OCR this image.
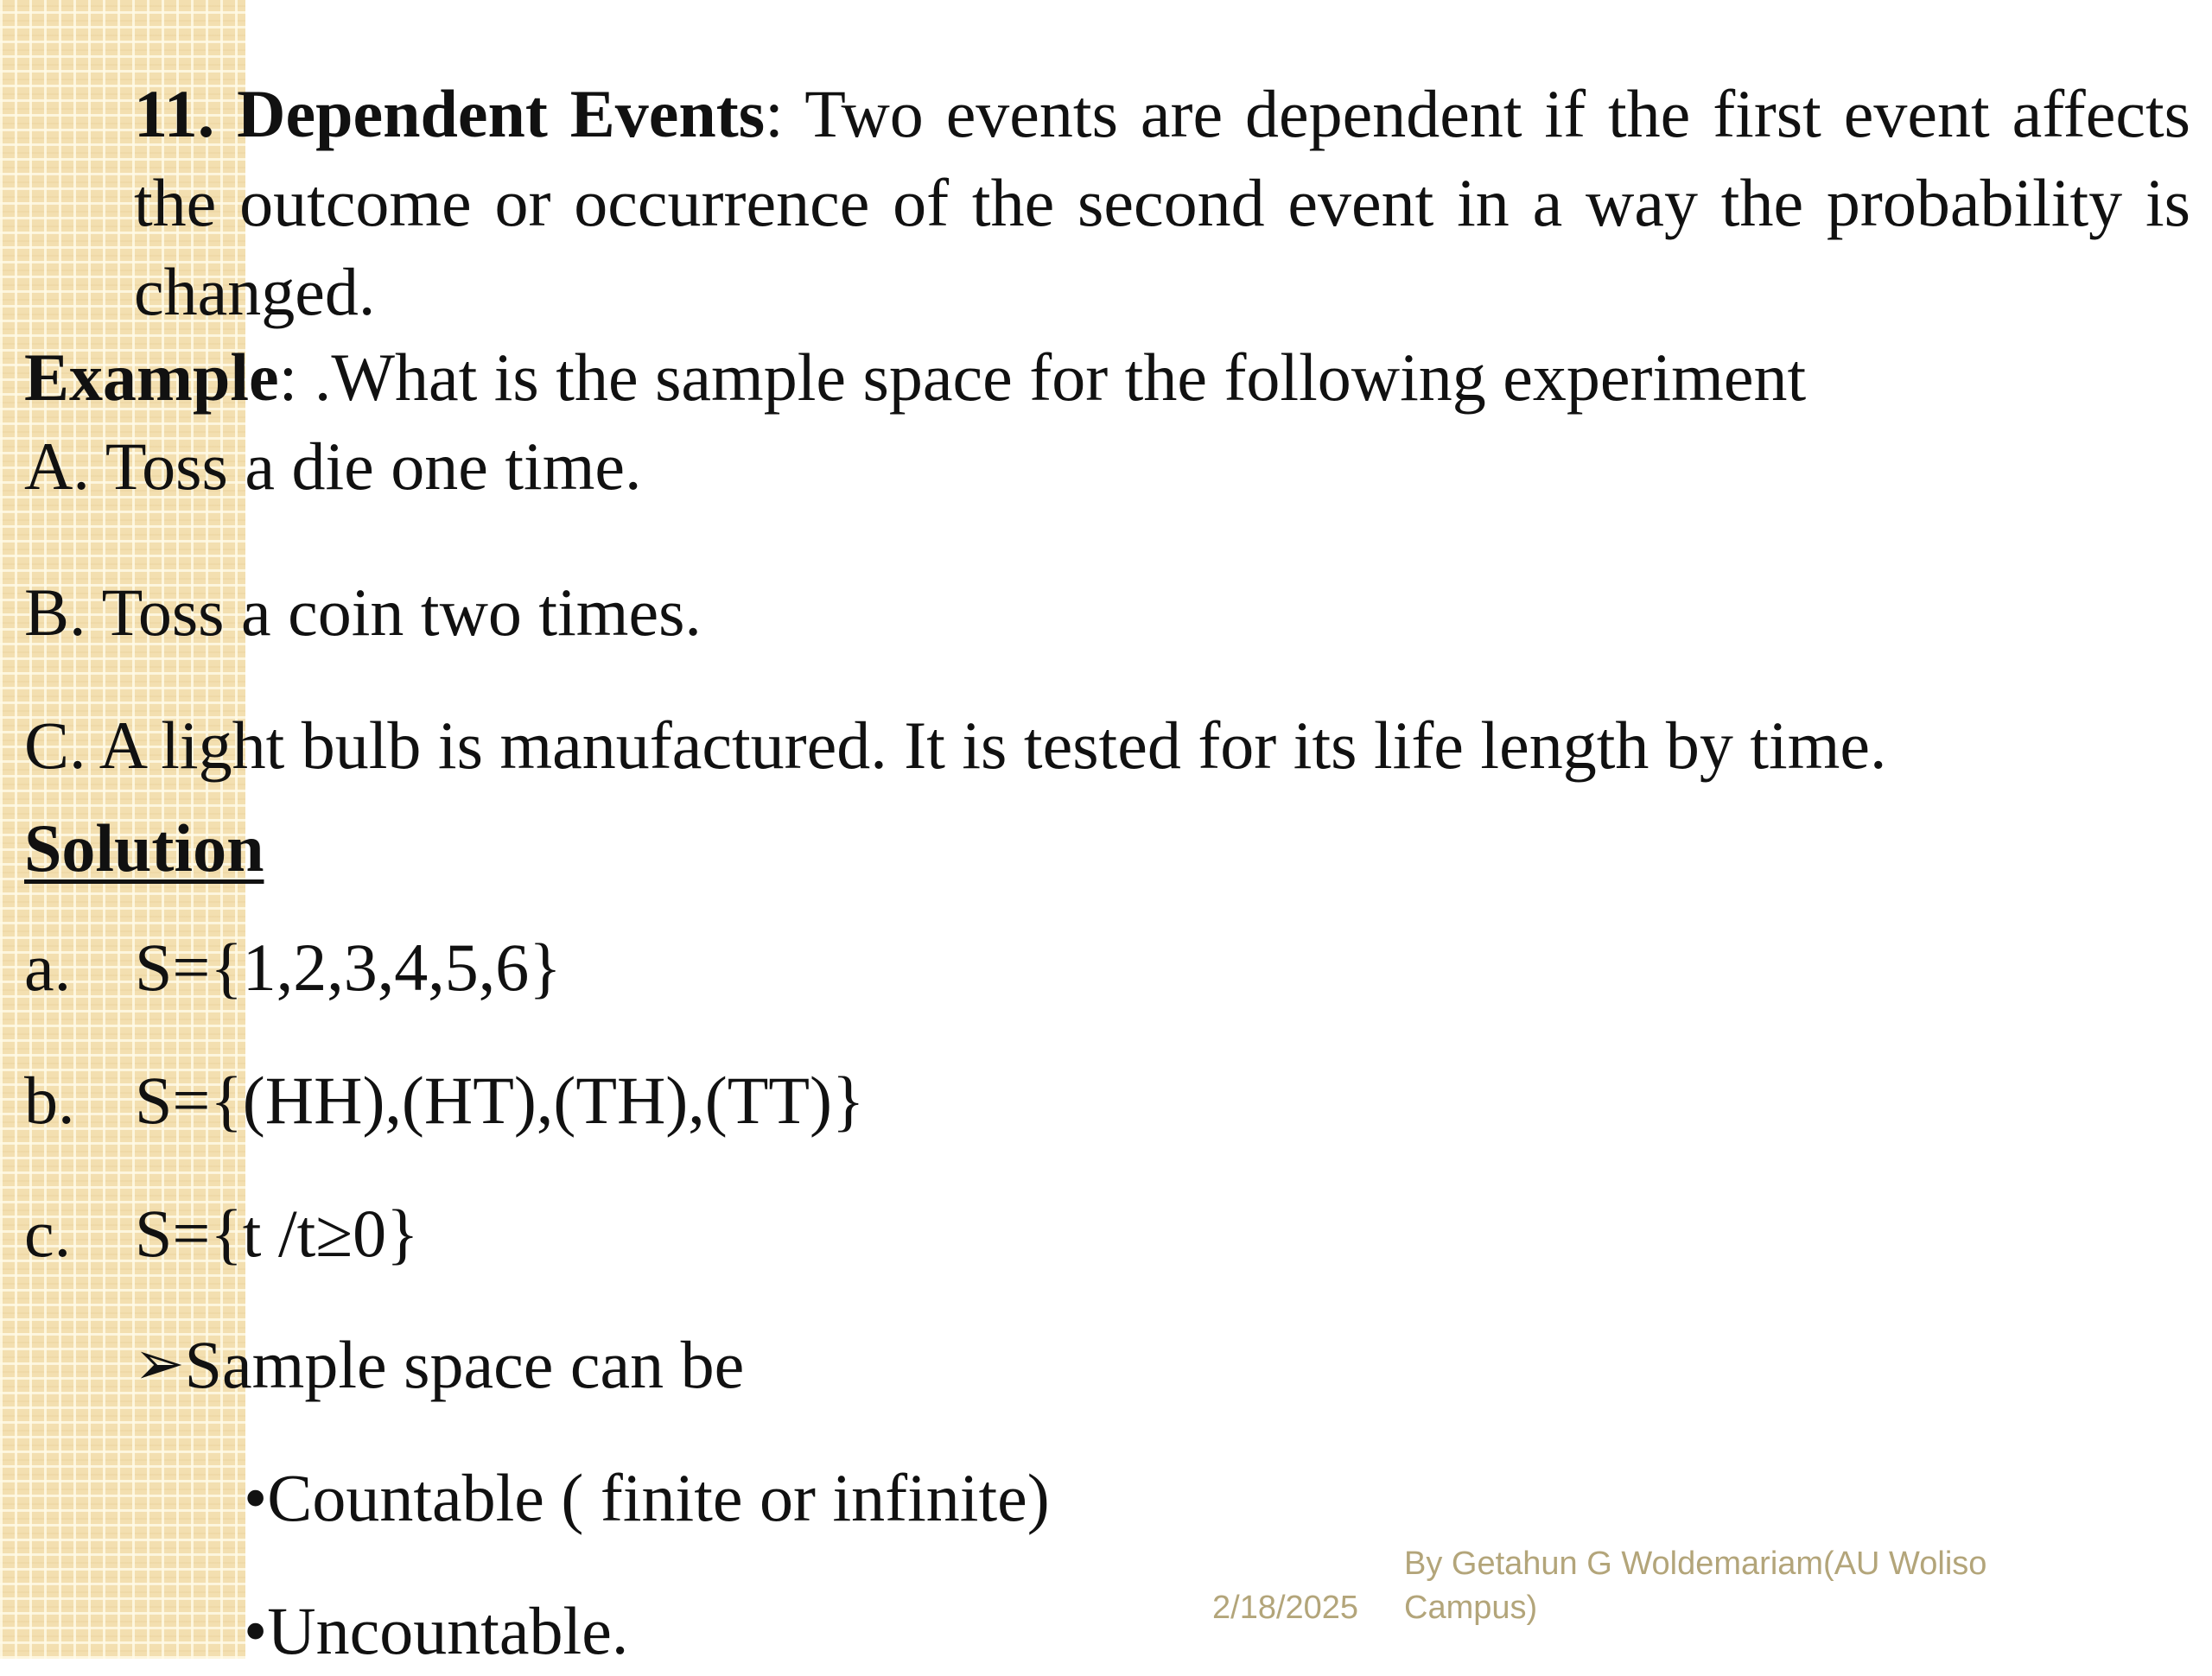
11. Dependent Events: Two events are dependent if the first event affects the outcome or occurrence of the second event in a way the probability is changed.
Example: .What is the sample space for the following experiment
A. Toss a die one time.
B. Toss a coin two times.
C. A light bulb is manufactured. It is tested for its life length by time.
Solution
a. S={1,2,3,4,5,6}
b. S={(HH),(HT),(TH),(TT)}
c. S={t /t≥0}
➢Sample space can be
•Countable ( finite or infinite)
•Uncountable.	2/18/2025
By Getahun G Woldemariam(AU Woliso
Campus)
